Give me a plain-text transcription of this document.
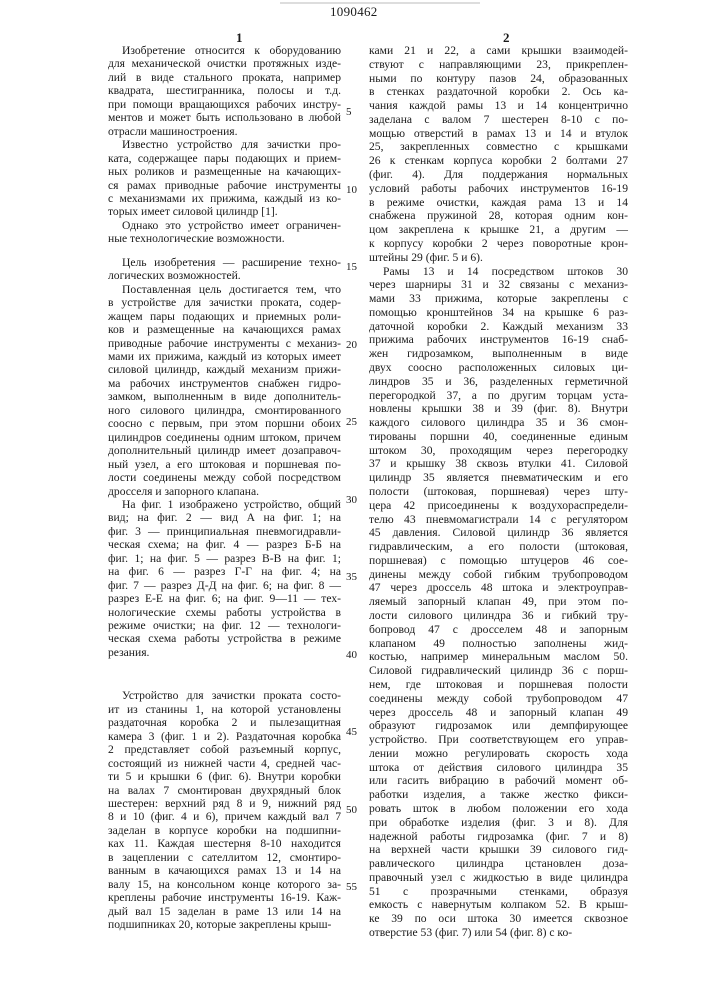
1
1090462
2
Изобретение относится к оборудованию
для механической очистки протяжных изде-
лий в виде стального проката, например
квадрата, шестигранника, полосы и т.д.
при помощи вращающихся рабочих инстру-
ментов и может быть использовано в любой
отрасли машиностроения.
Известно устройство для зачистки про-
ката, содержащее пары подающих и прием-
ных роликов и размещенные на качающих-
ся рамах приводные рабочие инструменты
с механизмами их прижима, каждый из ко-
торых имеет силовой цилиндр [1].
Однако это устройство имеет ограничен-
ные технологические возможности.
Цель изобретения — расширение техно-
логических возможностей.
Поставленная цель достигается тем, что
в устройстве для зачистки проката, содер-
жащем пары подающих и приемных роли-
ков и размещенные на качающихся рамах
приводные рабочие инструменты с механиз-
мами их прижима, каждый из которых имеет
силовой цилиндр, каждый механизм прижи-
ма рабочих инструментов снабжен гидро-
замком, выполненным в виде дополнитель-
ного силового цилиндра, смонтированного
соосно с первым, при этом поршни обоих
цилиндров соединены одним штоком, причем
дополнительный цилиндр имеет дозаправоч-
ный узел, а его штоковая и поршневая по-
лости соединены между собой посредством
дросселя и запорного клапана.
На фиг. 1 изображено устройство, общий
вид; на фиг. 2 — вид А на фиг. 1; на
фиг. 3 — принципиальная пневмогидравли-
ческая схема; на фиг. 4 — разрез Б-Б на
фиг. 1; на фиг. 5 — разрез В-В на фиг. 1;
на фиг. 6 — разрез Г-Г на фиг. 4; на
фиг. 7 — разрез Д-Д на фиг. 6; на фиг. 8 —
разрез Е-Е на фиг. 6; на фиг. 9—11 — тех-
нологические схемы работы устройства в
режиме очистки; на фиг. 12 — технологи-
ческая схема работы устройства в режиме
резания.
Устройство для зачистки проката состо-
ит из станины 1, на которой установлены
раздаточная коробка 2 и пылезащитная
камера 3 (фиг. 1 и 2). Раздаточная коробка
2 представляет собой разъемный корпус,
состоящий из нижней части 4, средней час-
ти 5 и крышки 6 (фиг. 6). Внутри коробки
на валах 7 смонтирован двухрядный блок
шестерен: верхний ряд 8 и 9, нижний ряд
8 и 10 (фиг. 4 и 6), причем каждый вал 7
заделан в корпусе коробки на подшипни-
ках 11. Каждая шестерня 8-10 находится
в зацеплении с сателлитом 12, смонтиро-
ванным в качающихся рамах 13 и 14 на
валу 15, на консольном конце которого за-
креплены рабочие инструменты 16-19. Каж-
дый вал 15 заделан в раме 13 или 14 на
подшипниках 20, которые закреплены крыш-
ками 21 и 22, а сами крышки взаимодей-
ствуют с направляющими 23, прикреплен-
ными по контуру пазов 24, образованных
в стенках раздаточной коробки 2. Ось ка-
чания каждой рамы 13 и 14 концентрично
заделана с валом 7 шестерен 8-10 с по-
мощью отверстий в рамах 13 и 14 и втулок
25, закрепленных совместно с крышками
26 к стенкам корпуса коробки 2 болтами 27
(фиг. 4). Для поддержания нормальных
условий работы рабочих инструментов 16-19
в режиме очистки, каждая рама 13 и 14
снабжена пружиной 28, которая одним кон-
цом закреплена к крышке 21, а другим —
к корпусу коробки 2 через поворотные крон-
штейны 29 (фиг. 5 и 6).
Рамы 13 и 14 посредством штоков 30
через шарниры 31 и 32 связаны с механиз-
мами 33 прижима, которые закреплены с
помощью кронштейнов 34 на крышке 6 раз-
даточной коробки 2. Каждый механизм 33
прижима рабочих инструментов 16-19 снаб-
жен гидрозамком, выполненным в виде
двух соосно расположенных силовых ци-
линдров 35 и 36, разделенных герметичной
перегородкой 37, а по другим торцам уста-
новлены крышки 38 и 39 (фиг. 8). Внутри
каждого силового цилиндра 35 и 36 смон-
тированы поршни 40, соединенные единым
штоком 30, проходящим через перегородку
37 и крышку 38 сквозь втулки 41. Силовой
цилиндр 35 является пневматическим и его
полости (штоковая, поршневая) через шту-
цера 42 присоединены к воздухораспредели-
телю 43 пневмомагистрали 14 с регулятором
45 давления. Силовой цилиндр 36 является
гидравлическим, а его полости (штоковая,
поршневая) с помощью штуцеров 46 сое-
динены между собой гибким трубопроводом
47 через дроссель 48 штока и электроуправ-
ляемый запорный клапан 49, при этом по-
лости силового цилиндра 36 и гибкий тру-
бопровод 47 с дросселем 48 и запорным
клапаном 49 полностью заполнены жид-
костью, например минеральным маслом 50.
Силовой гидравлический цилиндр 36 с порш-
нем, где штоковая и поршневая полости
соединены между собой трубопроводом 47
через дроссель 48 и запорный клапан 49
образуют гидрозамок или демпфирующее
устройство. При соответствующем его управ-
лении можно регулировать скорость хода
штока от действия силового цилиндра 35
или гасить вибрацию в рабочий момент об-
работки изделия, а также жестко фикси-
ровать шток в любом положении его хода
при обработке изделия (фиг. 3 и 8). Для
надежной работы гидрозамка (фиг. 7 и 8)
на верхней части крышки 39 силового гид-
равлического цилиндра цстановлен доза-
правочный узел с жидкостью в виде цилиндра
51 с прозрачными стенками, образуя
емкость с навернутым колпаком 52. В крыш-
ке 39 по оси штока 30 имеется сквозное
отверстие 53 (фиг. 7) или 54 (фиг. 8) с ко-
5
10
15
20
25
30
35
40
45
50
55
